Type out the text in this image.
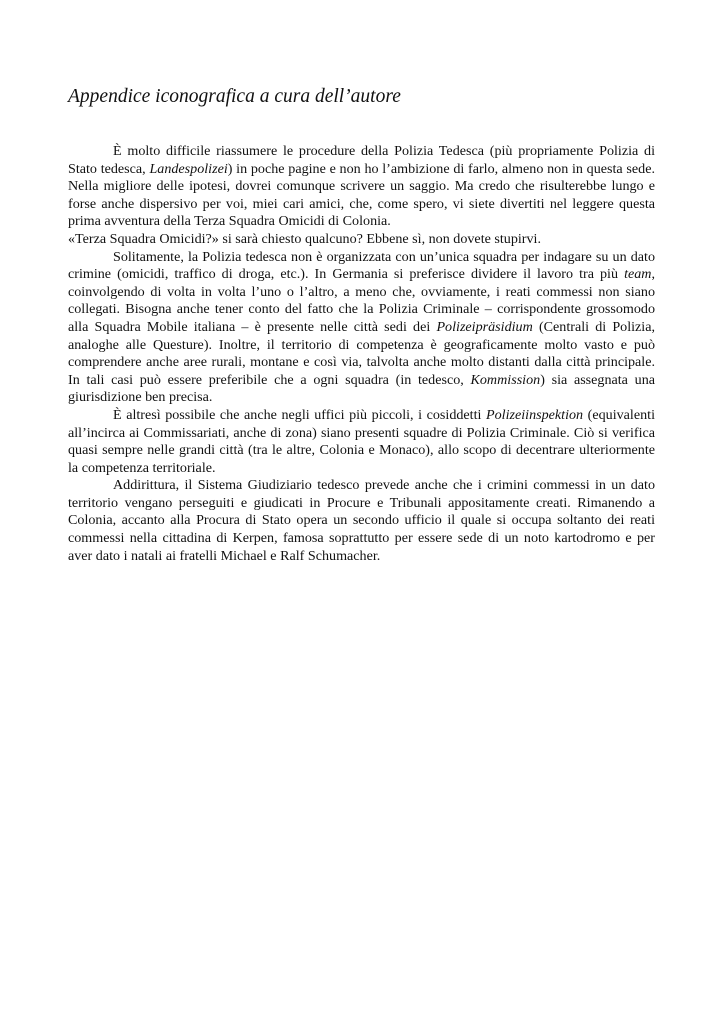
Appendice iconografica a cura dell’autore

È molto difficile riassumere le procedure della Polizia Tedesca (più propriamente Polizia di Stato tedesca, Landespolizei) in poche pagine e non ho l’ambizione di farlo, almeno non in questa sede. Nella migliore delle ipotesi, dovrei comunque scrivere un saggio. Ma credo che risulterebbe lungo e forse anche dispersivo per voi, miei cari amici, che, come spero, vi siete divertiti nel leggere questa prima avventura della Terza Squadra Omicidi di Colonia.

«Terza Squadra Omicidi?» si sarà chiesto qualcuno? Ebbene sì, non dovete stupirvi.

Solitamente, la Polizia tedesca non è organizzata con un’unica squadra per indagare su un dato crimine (omicidi, traffico di droga, etc.). In Germania si preferisce dividere il lavoro tra più team, coinvolgendo di volta in volta l’uno o l’altro, a meno che, ovviamente, i reati commessi non siano collegati. Bisogna anche tener conto del fatto che la Polizia Criminale – corrispondente grossomodo alla Squadra Mobile italiana – è presente nelle città sedi dei Polizeipräsidium (Centrali di Polizia, analoghe alle Questure). Inoltre, il territorio di competenza è geograficamente molto vasto e può comprendere anche aree rurali, montane e così via, talvolta anche molto distanti dalla città principale. In tali casi può essere preferibile che a ogni squadra (in tedesco, Kommission) sia assegnata una giurisdizione ben precisa.

È altresì possibile che anche negli uffici più piccoli, i cosiddetti Polizeiinspektion (equivalenti all’incirca ai Commissariati, anche di zona) siano presenti squadre di Polizia Criminale. Ciò si verifica quasi sempre nelle grandi città (tra le altre, Colonia e Monaco), allo scopo di decentrare ulteriormente la competenza territoriale.

Addirittura, il Sistema Giudiziario tedesco prevede anche che i crimini commessi in un dato territorio vengano perseguiti e giudicati in Procure e Tribunali appositamente creati. Rimanendo a Colonia, accanto alla Procura di Stato opera un secondo ufficio il quale si occupa soltanto dei reati commessi nella cittadina di Kerpen, famosa soprattutto per essere sede di un noto kartodromo e per aver dato i natali ai fratelli Michael e Ralf Schumacher.
